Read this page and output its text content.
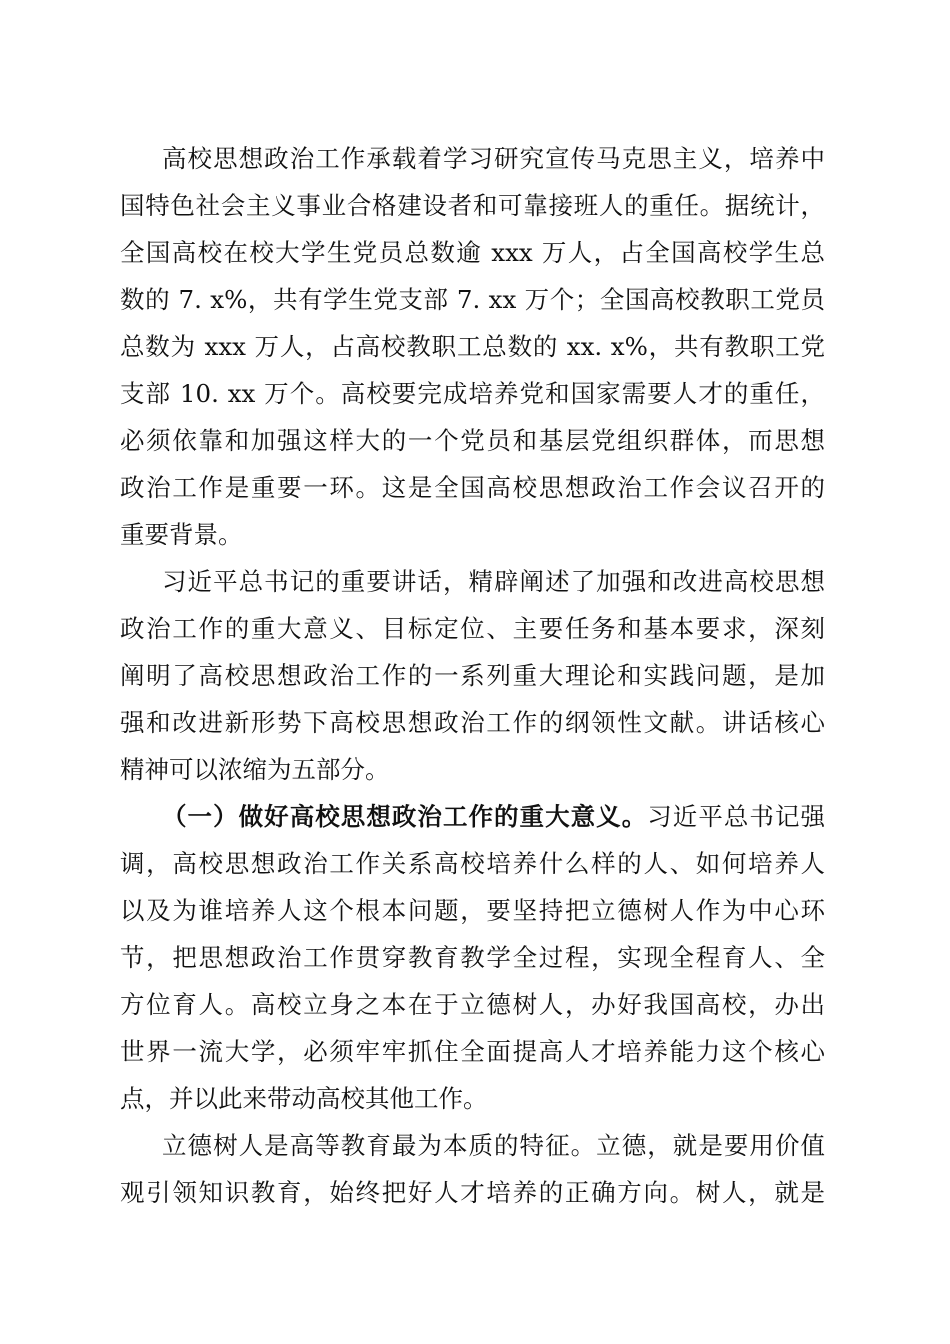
高校思想政治工作承载着学习研究宣传马克思主义，培养中
国特色社会主义事业合格建设者和可靠接班人的重任。据统计，
全国高校在校大学生党员总数逾 xxx 万人，占全国高校学生总
数的 7. x%，共有学生党支部 7. xx 万个；全国高校教职工党员
总数为 xxx 万人，占高校教职工总数的 xx. x%，共有教职工党
支部 10. xx 万个。高校要完成培养党和国家需要人才的重任，
必须依靠和加强这样大的一个党员和基层党组织群体，而思想
政治工作是重要一环。这是全国高校思想政治工作会议召开的
重要背景。
习近平总书记的重要讲话，精辟阐述了加强和改进高校思想
政治工作的重大意义、目标定位、主要任务和基本要求，深刻
阐明了高校思想政治工作的一系列重大理论和实践问题，是加
强和改进新形势下高校思想政治工作的纲领性文献。讲话核心
精神可以浓缩为五部分。
（一）做好高校思想政治工作的重大意义。习近平总书记强
调，高校思想政治工作关系高校培养什么样的人、如何培养人
以及为谁培养人这个根本问题，要坚持把立德树人作为中心环
节，把思想政治工作贯穿教育教学全过程，实现全程育人、全
方位育人。高校立身之本在于立德树人，办好我国高校，办出
世界一流大学，必须牢牢抓住全面提高人才培养能力这个核心
点，并以此来带动高校其他工作。
立德树人是高等教育最为本质的特征。立德，就是要用价值
观引领知识教育，始终把好人才培养的正确方向。树人，就是
